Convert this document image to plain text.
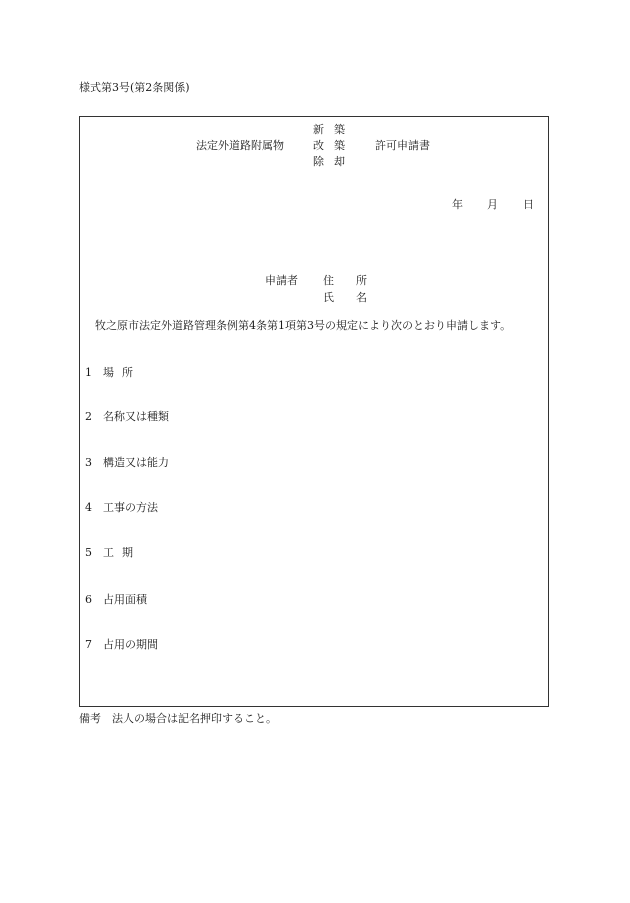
様式第3号(第2条関係)
法定外道路附属物
新築
改築
除却
許可申請書
年 月 日
申請者 住所
氏名
牧之原市法定外道路管理条例第4条第1項第3号の規定により次のとおり申請します。
1 場所
2 名称又は種類
3 構造又は能力
4 工事の方法
5 工期
6 占用面積
7 占用の期間
備考　法人の場合は記名押印すること。
